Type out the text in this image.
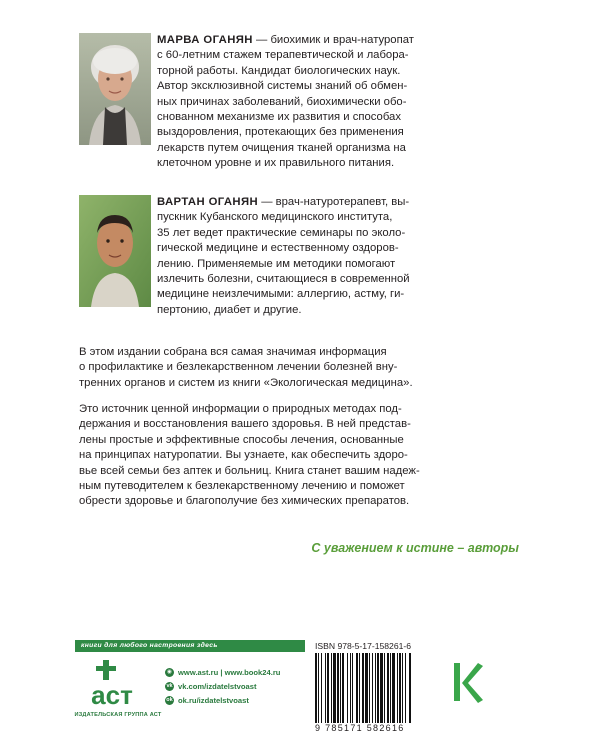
МАРВА ОГАНЯН — биохимик и врач-натуропат
с 60-летним стажем терапевтической и лабора-
торной работы. Кандидат биологических наук.
Автор эксклюзивной системы знаний об обмен-
ных причинах заболеваний, биохимически обо-
снованном механизме их развития и способах
выздоровления, протекающих без применения
лекарств путем очищения тканей организма на
клеточном уровне и их правильного питания.
ВАРТАН ОГАНЯН — врач-натуротерапевт, вы-
пускник Кубанского медицинского института,
35 лет ведет практические семинары по эколо-
гической медицине и естественному оздоров-
лению. Применяемые им методики помогают
излечить болезни, считающиеся в современной
медицине неизлечимыми: аллергию, астму, ги-
пертонию, диабет и другие.
В этом издании собрана вся самая значимая информация
о профилактике и безлекарственном лечении болезней вну-
тренних органов и систем из книги «Экологическая медицина».
Это источник ценной информации о природных методах под-
держания и восстановления вашего здоровья. В ней представ-
лены простые и эффективные способы лечения, основанные
на принципах натуропатии. Вы узнаете, как обеспечить здоро-
вье всей семьи без аптек и больниц. Книга станет вашим надеж-
ным путеводителем к безлекарственному лечению и поможет
обрести здоровье и благополучие без химических препаратов.
С уважением к истине – авторы
книги для любого настроения здесь
аст
ИЗДАТЕЛЬСКАЯ ГРУППА АСТ
◉ www.ast.ru | www.book24.ru
vk vk.com/izdatelstvoast
ok ok.ru/izdatelstvoast
ISBN 978-5-17-158261-6
9 785171 582616
